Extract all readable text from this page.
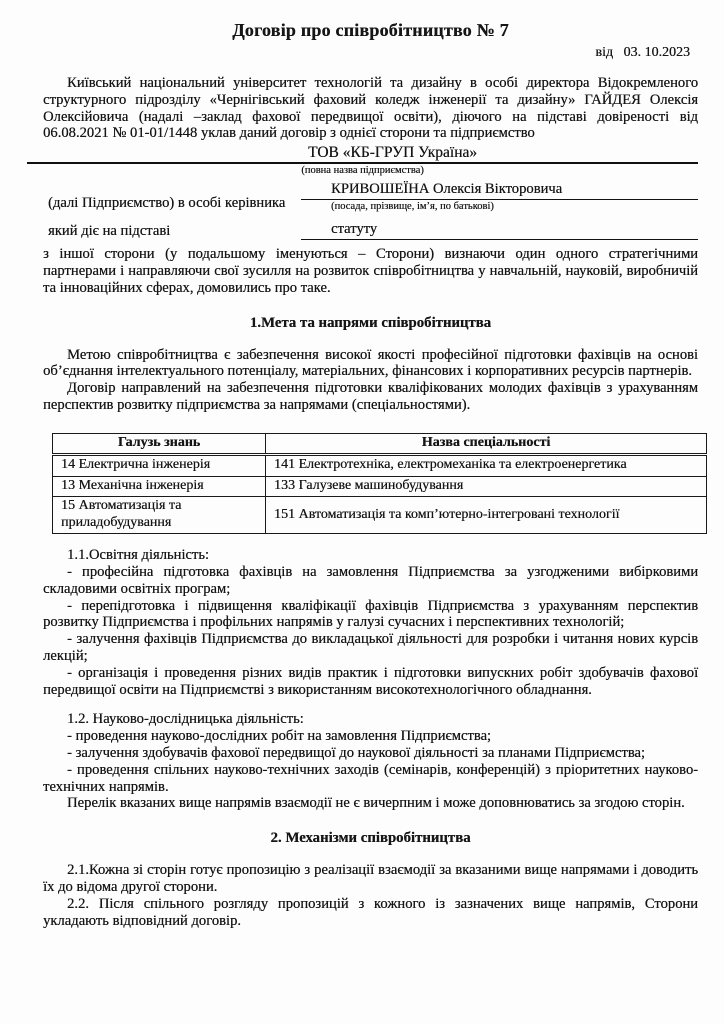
Договір про співробітництво № 7
від   03. 10.2023

Київський національний університет технологій та дизайну в особі директора Відокремленого структурного підрозділу «Чернігівський фаховий коледж інженерії та дизайну» ГАЙДЕЯ Олексія Олексійовича (надалі –заклад фахової передвищої освіти), діючого на підставі довіреності від 06.08.2021 № 01-01/1448 уклав даний договір з однієї сторони та підприємство

ТОВ «КБ-ГРУП Україна»
(повна назва підприємства)
(далі Підприємство) в особі керівника
КРИВОШЕЇНА Олексія Вікторовича
(посада, прізвище, ім’я, по батькові)
який діє на підставі	статуту

з іншої сторони (у подальшому іменуються – Сторони) визнаючи один одного стратегічними партнерами і направляючи свої зусилля на розвиток співробітництва у навчальній, науковій, виробничій та інноваційних сферах, домовились про таке.

1.Мета та напрями співробітництва

Метою співробітництва є забезпечення високої якості професійної підготовки фахівців на основі об’єднання інтелектуального потенціалу, матеріальних, фінансових і корпоративних ресурсів партнерів.

Договір направлений на забезпечення підготовки кваліфікованих молодих фахівців з урахуванням перспектив розвитку підприємства за напрямами (спеціальностями).

Галузь знань	Назва спеціальності
14 Електрична інженерія	141 Електротехніка, електромеханіка та електроенергетика
13 Механічна інженерія	133 Галузеве машинобудування
15 Автоматизація та приладобудування	151 Автоматизація та комп’ютерно-інтегровані технології

1.1.Освітня діяльність:

- професійна підготовка фахівців на замовлення Підприємства за узгодженими вибірковими складовими освітніх програм;

- перепідготовка і підвищення кваліфікації фахівців Підприємства з урахуванням перспектив розвитку Підприємства і профільних напрямів у галузі сучасних і перспективних технологій;

- залучення фахівців Підприємства до викладацької діяльності для розробки і читання нових курсів лекцій;

- організація і проведення різних видів практик і підготовки випускних робіт здобувачів фахової передвищої освіти на Підприємстві з використанням високотехнологічного обладнання.

1.2. Науково-дослідницька діяльність:

- проведення науково-дослідних робіт на замовлення Підприємства;

- залучення здобувачів фахової передвищої до наукової діяльності за планами Підприємства;

- проведення спільних науково-технічних заходів (семінарів, конференцій) з пріоритетних науково-технічних напрямів.

Перелік вказаних вище напрямів взаємодії не є вичерпним і може доповнюватись за згодою сторін.

2. Механізми співробітництва

2.1.Кожна зі сторін готує пропозицію з реалізації взаємодії за вказаними вище напрямами і доводить їх до відома другої сторони.

2.2. Після спільного розгляду пропозицій з кожного із зазначених вище напрямів, Сторони укладають відповідний договір.
